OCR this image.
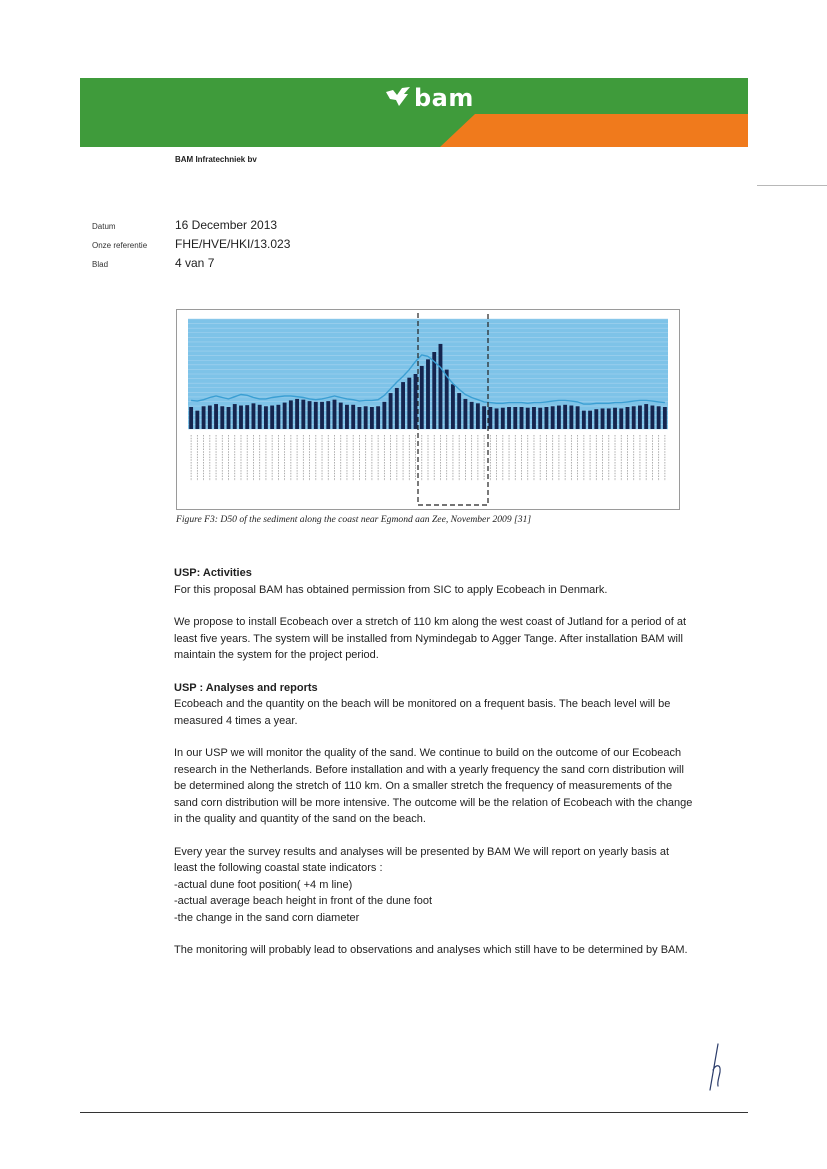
bam
BAM Infratechniek bv
Datum	16 December 2013
Onze referentie FHE/HVE/HKI/13.023
Blad	4 van 7
Figure F3: D50 of the sediment along the coast near Egmond aan Zee, November 2009 [31]
USP: Activities

For this proposal BAM has obtained permission from SIC to apply Ecobeach in Denmark.

We propose to install Ecobeach over a stretch of 110 km along the west coast of Jutland for a period of at least five years. The system will be installed from Nymindegab to Agger Tange. After installation BAM will maintain the system for the project period.

USP : Analyses and reports

Ecobeach and the quantity on the beach will be monitored on a frequent basis. The beach level will be measured 4 times a year.

In our USP we will monitor the quality of the sand. We continue to build on the outcome of our Ecobeach research in the Netherlands. Before installation and with a yearly frequency the sand corn distribution will be determined along the stretch of 110 km. On a smaller stretch the frequency of measurements of the sand corn distribution will be more intensive. The outcome will be the relation of Ecobeach with the change in the quality and quantity of the sand on the beach.

Every year the survey results and analyses will be presented by BAM We will report on yearly basis at least the following coastal state indicators :

-actual dune foot position( +4 m line)

-actual average beach height in front of the dune foot

-the change in the sand corn diameter

The monitoring will probably lead to observations and analyses which still have to be determined by BAM.
